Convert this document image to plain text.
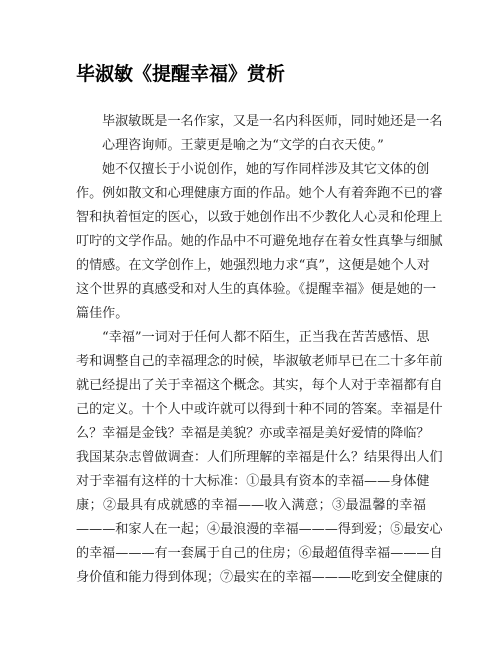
毕淑敏《提醒幸福》赏析
毕淑敏既是一名作家，又是一名内科医师，同时她还是一名
心理咨询师。王蒙更是喻之为“文学的白衣天使。”
她不仅擅长于小说创作，她的写作同样涉及其它文体的创
作。例如散文和心理健康方面的作品。她个人有着奔跑不已的睿
智和执着恒定的医心，以致于她创作出不少教化人心灵和伦理上
叮咛的文学作品。她的作品中不可避免地存在着女性真挚与细腻
的情感。在文学创作上，她强烈地力求“真”，这便是她个人对
这个世界的真感受和对人生的真体验。《提醒幸福》便是她的一
篇佳作。
“幸福”一词对于任何人都不陌生，正当我在苦苦感悟、思
考和调整自己的幸福理念的时候，毕淑敏老师早已在二十多年前
就已经提出了关于幸福这个概念。其实，每个人对于幸福都有自
己的定义。十个人中或许就可以得到十种不同的答案。幸福是什
么？幸福是金钱？幸福是美貌？亦或幸福是美好爱情的降临？
我国某杂志曾做调查：人们所理解的幸福是什么？结果得出人们
对于幸福有这样的十大标准：①最具有资本的幸福——身体健
康；②最具有成就感的幸福——收入满意；③最温馨的幸福
———和家人在一起；④最浪漫的幸福———得到爱；⑤最安心
的幸福———有一套属于自己的住房；⑥最超值得幸福———自
身价值和能力得到体现；⑦最实在的幸福———吃到安全健康的
